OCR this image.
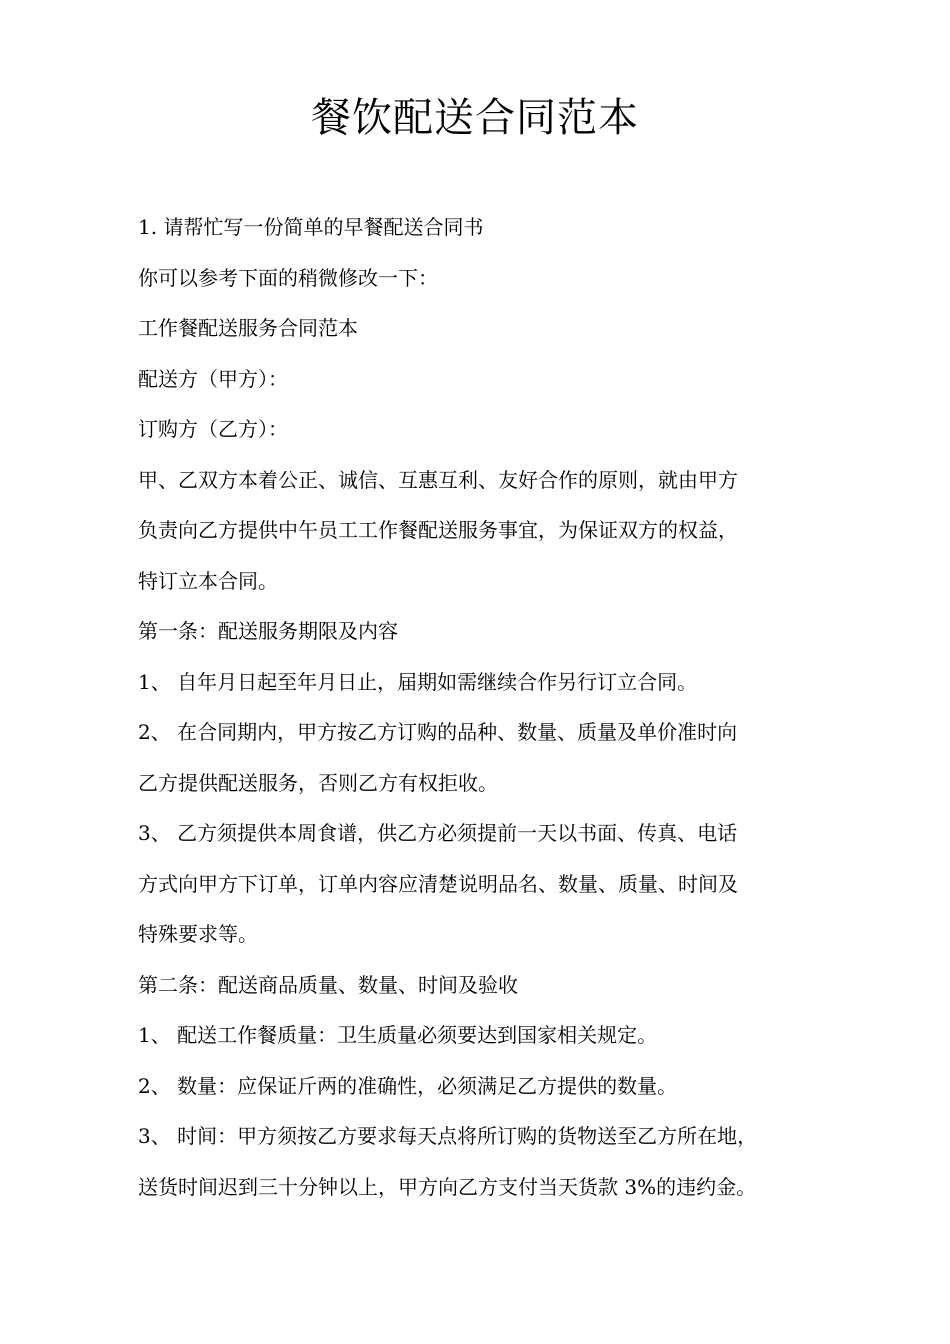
餐饮配送合同范本
1. 请帮忙写一份简单的早餐配送合同书
你可以参考下面的稍微修改一下：
工作餐配送服务合同范本
配送方（甲方）：
订购方（乙方）：
甲、乙双方本着公正、诚信、互惠互利、友好合作的原则，就由甲方
负责向乙方提供中午员工工作餐配送服务事宜，为保证双方的权益，
特订立本合同。
第一条：配送服务期限及内容
1、 自年月日起至年月日止，届期如需继续合作另行订立合同。
2、 在合同期内，甲方按乙方订购的品种、数量、质量及单价准时向
乙方提供配送服务，否则乙方有权拒收。
3、 乙方须提供本周食谱，供乙方必须提前一天以书面、传真、电话
方式向甲方下订单，订单内容应清楚说明品名、数量、质量、时间及
特殊要求等。
第二条：配送商品质量、数量、时间及验收
1、 配送工作餐质量：卫生质量必须要达到国家相关规定。
2、 数量：应保证斤两的准确性，必须满足乙方提供的数量。
3、 时间：甲方须按乙方要求每天点将所订购的货物送至乙方所在地，
送货时间迟到三十分钟以上，甲方向乙方支付当天货款 3%的违约金。
